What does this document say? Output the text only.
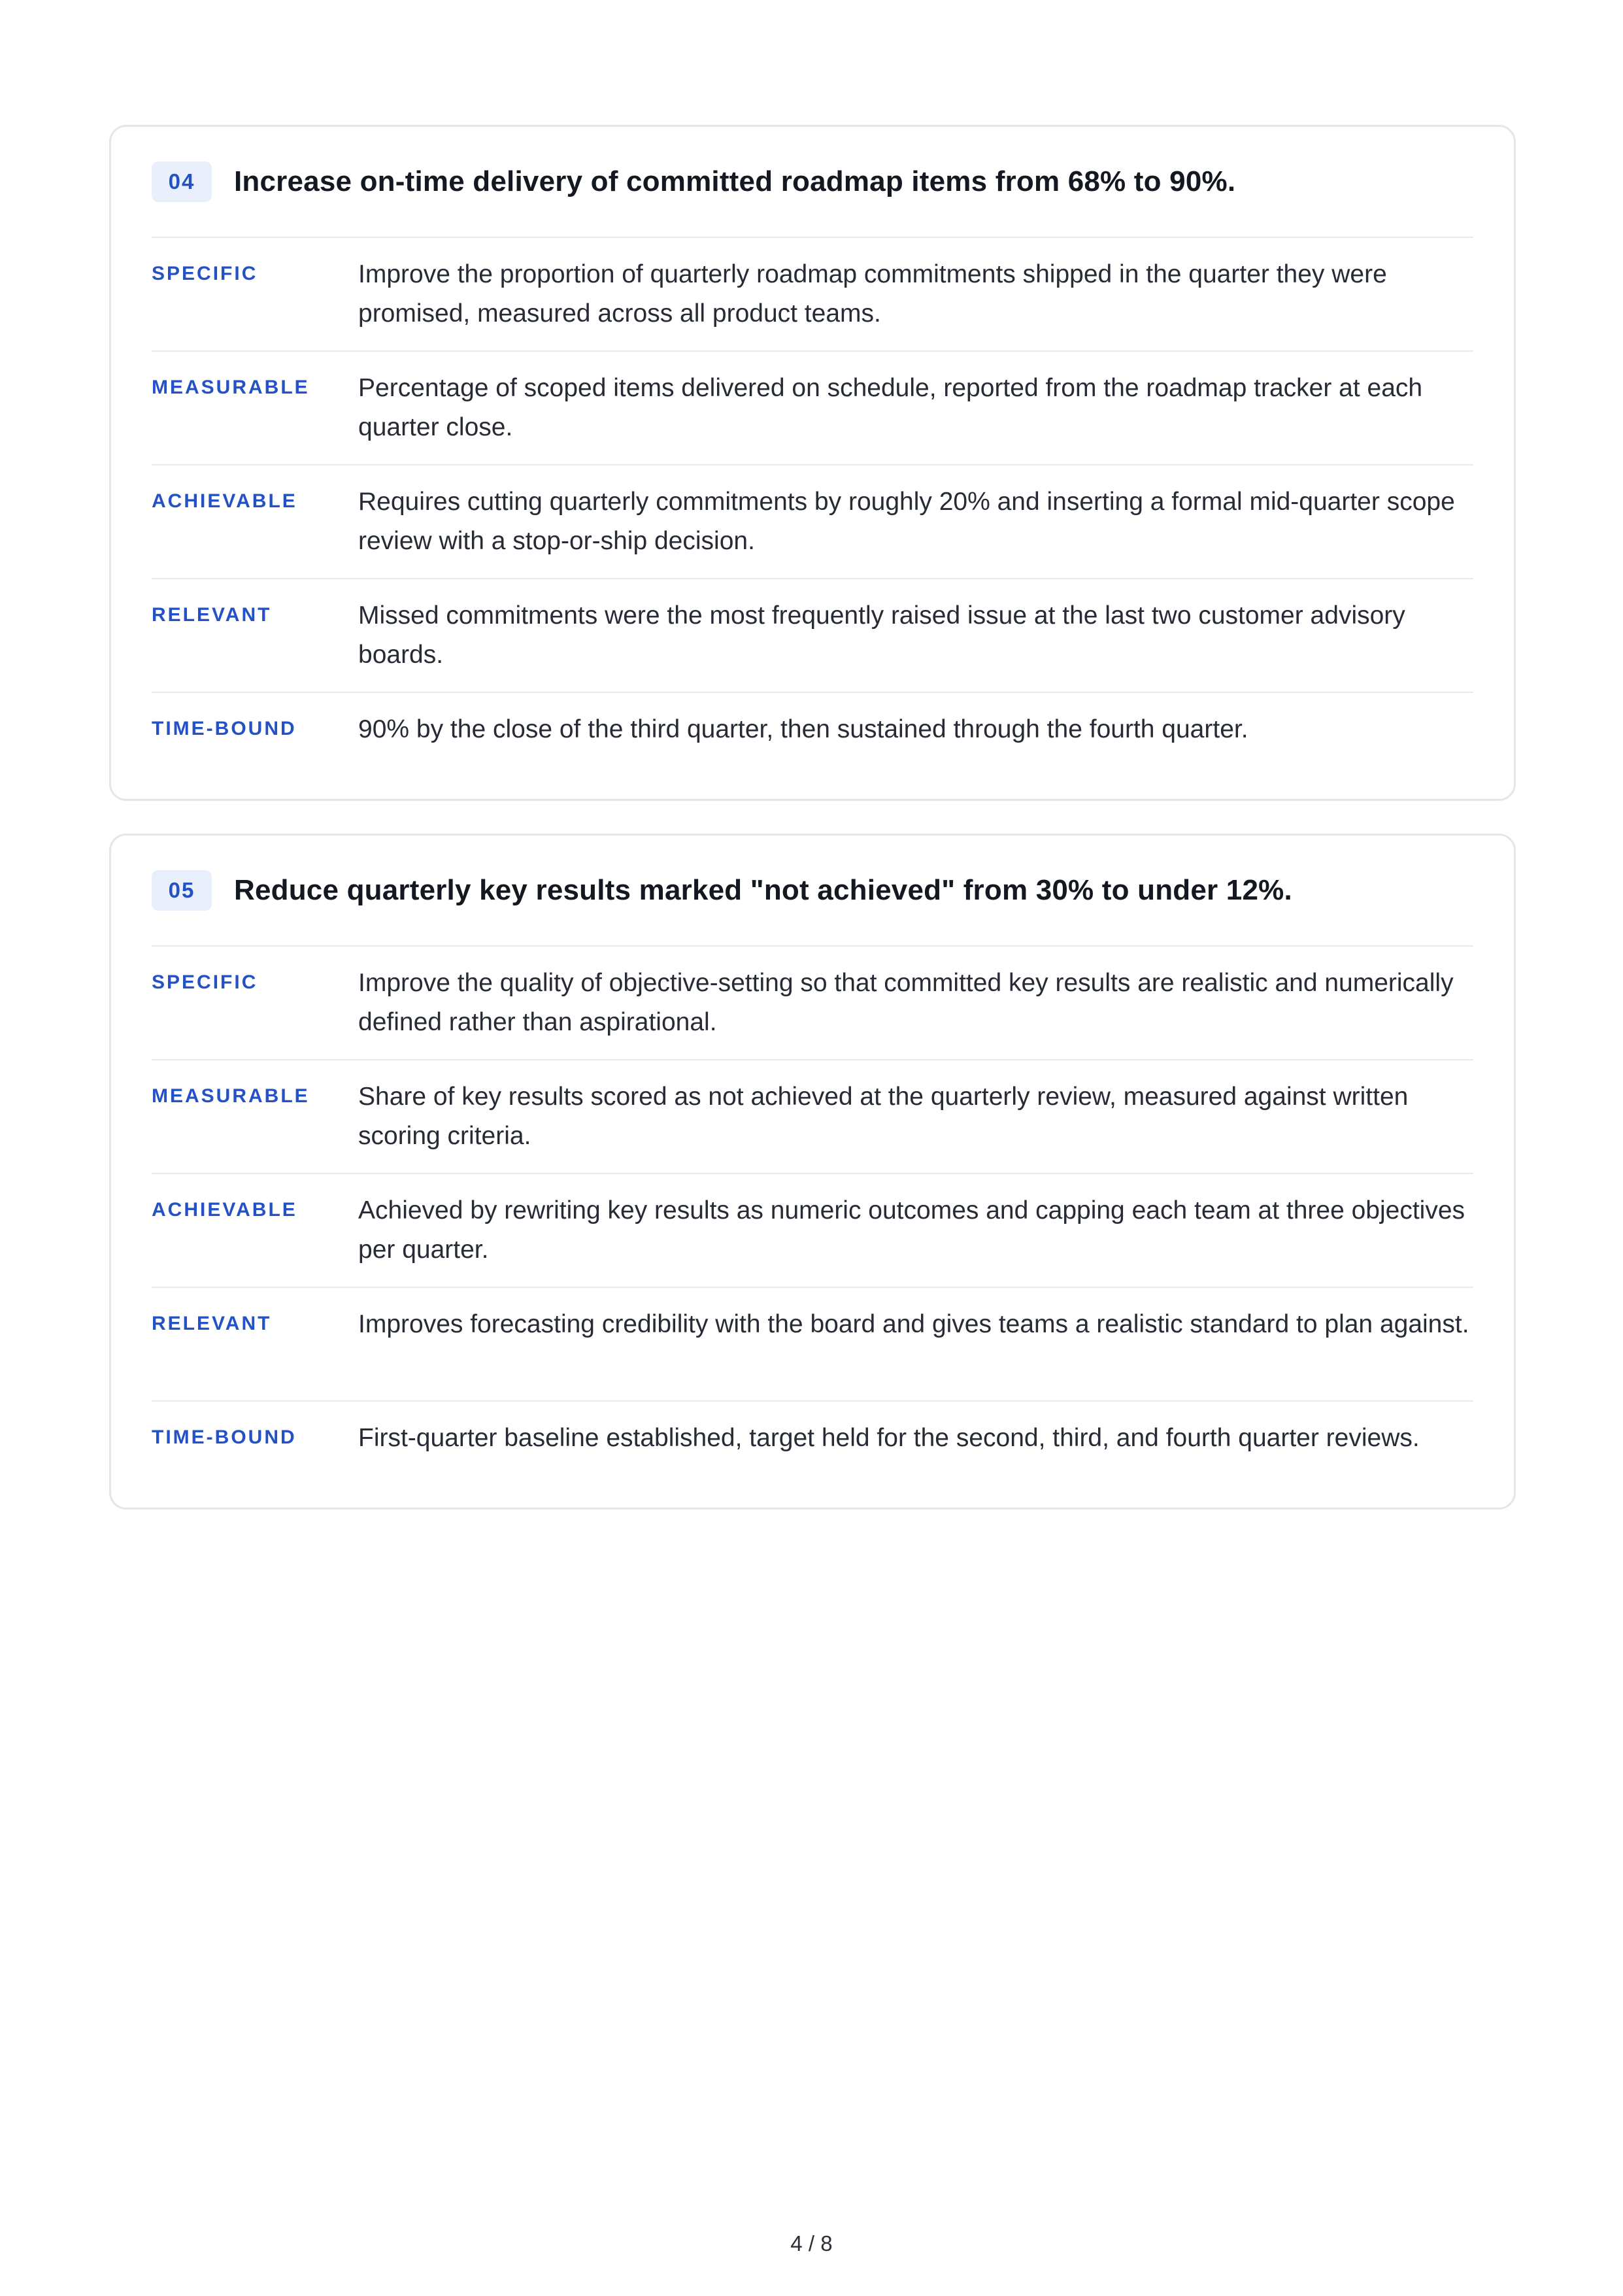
04	Increase on-time delivery of committed roadmap items from 68% to 90%.
SPECIFIC	Improve the proportion of quarterly roadmap commitments shipped in the quarter they were promised, measured across all product teams.
MEASURABLE	Percentage of scoped items delivered on schedule, reported from the roadmap tracker at each quarter close.
ACHIEVABLE	Requires cutting quarterly commitments by roughly 20% and inserting a formal mid-quarter scope review with a stop-or-ship decision.
RELEVANT	Missed commitments were the most frequently raised issue at the last two customer advisory boards.
TIME-BOUND	90% by the close of the third quarter, then sustained through the fourth quarter.
05	Reduce quarterly key results marked "not achieved" from 30% to under 12%.
SPECIFIC	Improve the quality of objective-setting so that committed key results are realistic and numerically defined rather than aspirational.
MEASURABLE	Share of key results scored as not achieved at the quarterly review, measured against written scoring criteria.
ACHIEVABLE	Achieved by rewriting key results as numeric outcomes and capping each team at three objectives per quarter.
RELEVANT	Improves forecasting credibility with the board and gives teams a realistic standard to plan against.
TIME-BOUND	First-quarter baseline established, target held for the second, third, and fourth quarter reviews.
4 / 8
